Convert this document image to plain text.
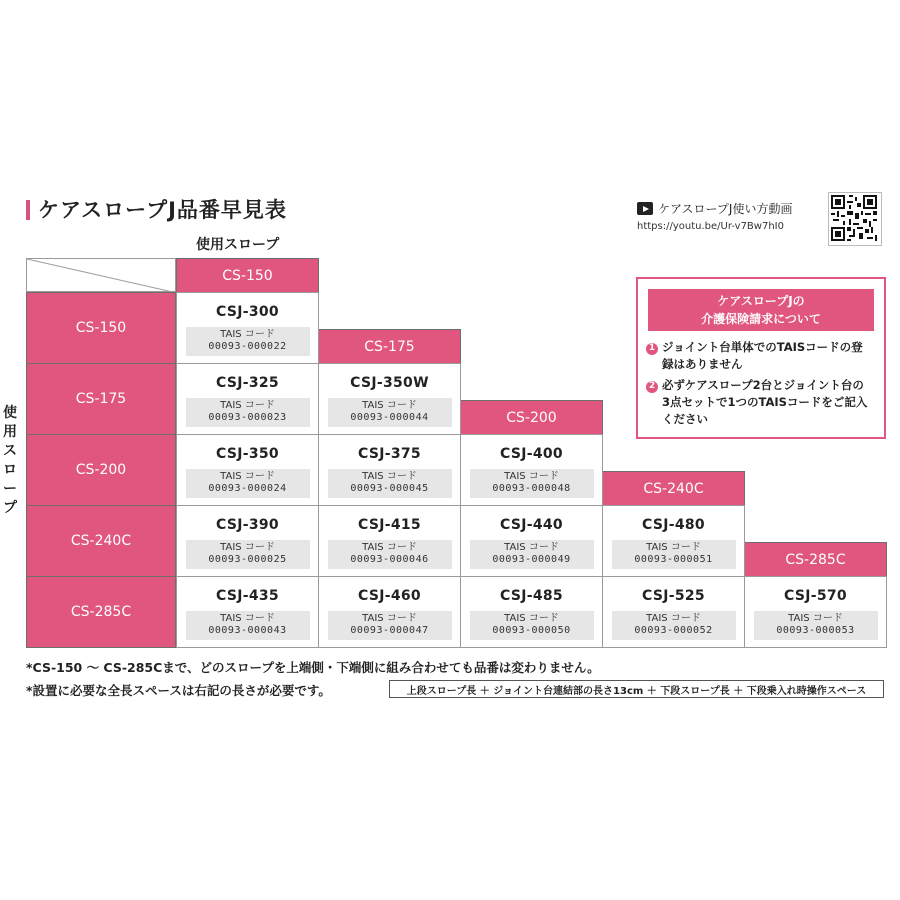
ケアスロープJ品番早見表
使用スロープ
使
用
ス
ロ
ー
プ
CS-150
CS-175
CS-200
CS-240C
CS-285C
CS-150
CS-175
CS-200
CS-240C
CS-285C
CSJ-300
TAIS コード
00093-000022
CSJ-325
TAIS コード
00093-000023
CSJ-350W
TAIS コード
00093-000044
CSJ-350
TAIS コード
00093-000024
CSJ-375
TAIS コード
00093-000045
CSJ-400
TAIS コード
00093-000048
CSJ-390
TAIS コード
00093-000025
CSJ-415
TAIS コード
00093-000046
CSJ-440
TAIS コード
00093-000049
CSJ-480
TAIS コード
00093-000051
CSJ-435
TAIS コード
00093-000043
CSJ-460
TAIS コード
00093-000047
CSJ-485
TAIS コード
00093-000050
CSJ-525
TAIS コード
00093-000052
CSJ-570
TAIS コード
00093-000053
ケアスロープJ使い方動画
https://youtu.be/Ur-v7Bw7hI0
ケアスロープJの
介護保険請求について
1 ジョイント台単体でのTAISコードの登
録はありません
2 必ずケアスロープ2台とジョイント台の
3点セットで1つのTAISコードをご記入
ください
*CS-150 ～ CS-285Cまで、どのスロープを上端側・下端側に組み合わせても品番は変わりません。
*設置に必要な全長スペースは右記の長さが必要です。	上段スロープ長 ＋ ジョイント台連結部の長さ13cm ＋ 下段スロープ長 ＋ 下段乗入れ時操作スペース
